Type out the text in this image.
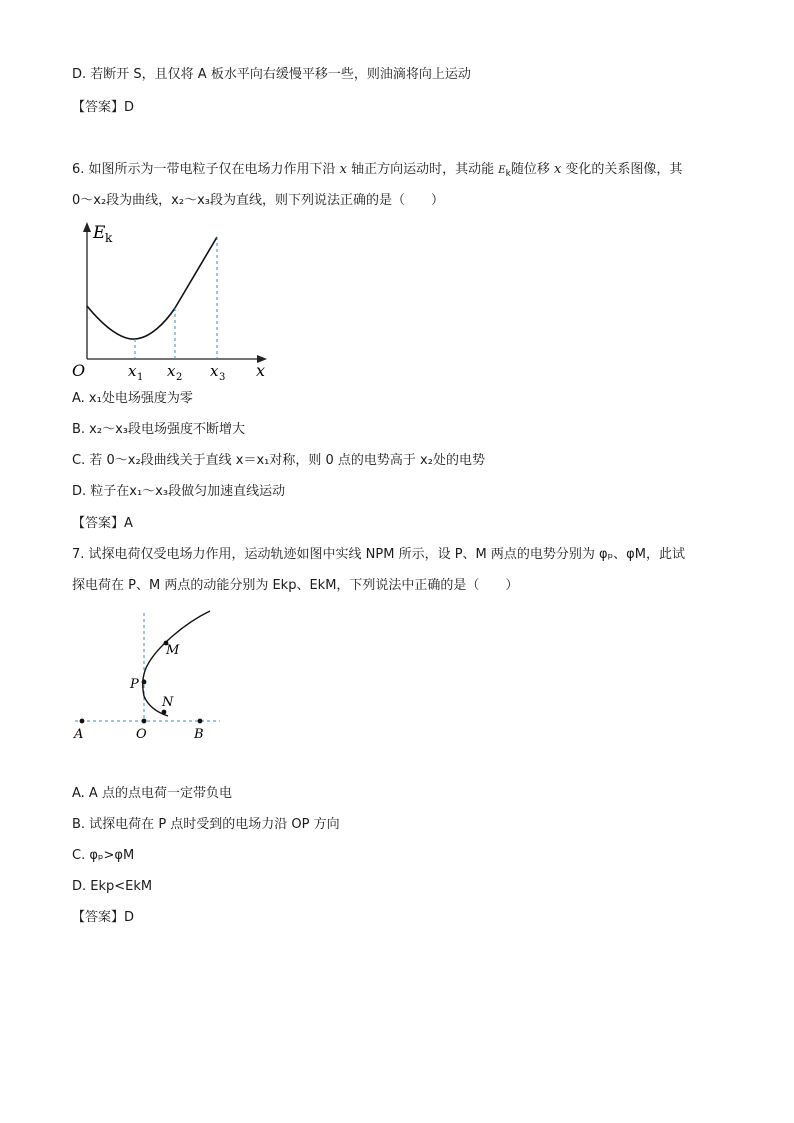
D. 若断开 S，且仅将 A 板水平向右缓慢平移一些，则油滴将向上运动
【答案】D
6. 如图所示为一带电粒子仅在电场力作用下沿 x 轴正方向运动时，其动能 $E_k$随位移 x 变化的关系图像，其
0～x₂段为曲线，x₂～x₃段为直线，则下列说法正确的是（　　）
E k
O	x 1 x 2 x 3 x
A. x₁处电场强度为零
B. x₂～x₃段电场强度不断增大
C. 若 0～x₂段曲线关于直线 x＝x₁对称，则 0 点的电势高于 x₂处的电势
D. 粒子在x₁～x₃段做匀加速直线运动
【答案】A
7. 试探电荷仅受电场力作用，运动轨迹如图中实线 NPM 所示，设 P、M 两点的电势分别为 φₚ、φM，此试
探电荷在 P、M 两点的动能分别为 Ekp、EkM，下列说法中正确的是（　　）
M
P
N
A	O	B
A. A 点的点电荷一定带负电
B. 试探电荷在 P 点时受到的电场力沿 OP 方向
C. φₚ>φM
D. Ekp<EkM
【答案】D
